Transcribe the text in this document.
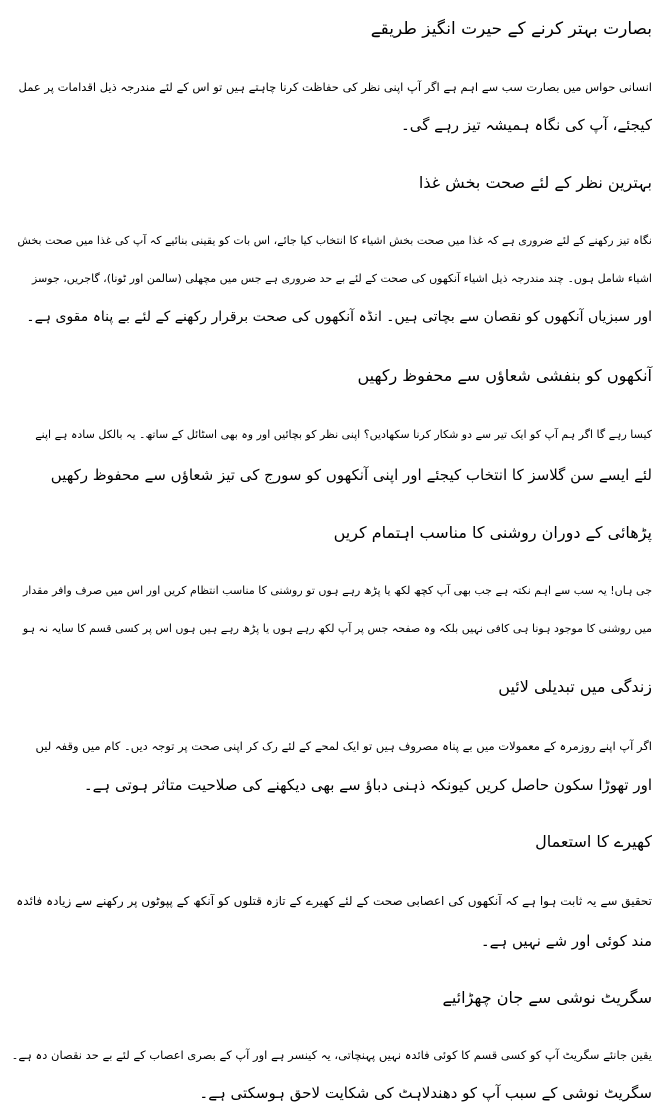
بصارت بہتر کرنے کے حیرت انگیز طریقے

انسانی حواس میں بصارت سب سے اہم ہے اگر آپ اپنی نظر کی حفاظت کرنا چاہتے ہیں تو اس کے لئے مندرجہ ذیل اقدامات پر عمل

کیجئے، آپ کی نگاہ ہمیشہ تیز رہے گی۔

بہترین نظر کے لئے صحت بخش غذا

نگاہ تیز رکھنے کے لئے ضروری ہے کہ غذا میں صحت بخش اشیاء کا انتخاب کیا جائے، اس بات کو یقینی بنائیے کہ آپ کی غذا میں صحت بخش

اشیاء شامل ہوں۔ چند مندرجہ ذیل اشیاء آنکھوں کی صحت کے لئے بے حد ضروری ہے جس میں مچھلی (سالمن اور ٹونا)، گاجریں، جوسز

اور سبزیاں آنکھوں کو نقصان سے بچاتی ہیں۔ انڈہ آنکھوں کی صحت برقرار رکھنے کے لئے بے پناہ مقوی ہے۔

آنکھوں کو بنفشی شعاؤں سے محفوظ رکھیں

کیسا رہے گا اگر ہم آپ کو ایک تیر سے دو شکار کرنا سکھادیں؟ اپنی نظر کو بچائیں اور وہ بھی اسٹائل کے ساتھ۔ یہ بالکل سادہ ہے اپنے

لئے ایسے سن گلاسز کا انتخاب کیجئے اور اپنی آنکھوں کو سورج کی تیز شعاؤں سے محفوظ رکھیں

پڑھائی کے دوران روشنی کا مناسب اہتمام کریں

جی ہاں! یہ سب سے اہم نکتہ ہے جب بھی آپ کچھ لکھ یا پڑھ رہے ہوں تو روشنی کا مناسب انتظام کریں اور اس میں صرف وافر مقدار

میں روشنی کا موجود ہونا ہی کافی نہیں بلکہ وہ صفحہ جس پر آپ لکھ رہے ہوں یا پڑھ رہے ہیں ہوں اس پر کسی قسم کا سایہ نہ ہو

زندگی میں تبدیلی لائیں

اگر آپ اپنے روزمرہ کے معمولات میں بے پناہ مصروف ہیں تو ایک لمحے کے لئے رک کر اپنی صحت پر توجہ دیں۔ کام میں وقفہ لیں

اور تھوڑا سکون حاصل کریں کیونکہ ذہنی دباؤ سے بھی دیکھنے کی صلاحیت متاثر ہوتی ہے۔

کھیرے کا استعمال

تحقیق سے یہ ثابت ہوا ہے کہ آنکھوں کی اعصابی صحت کے لئے کھیرے کے تازہ قتلوں کو آنکھ کے پپوٹوں پر رکھنے سے زیادہ فائدہ

مند کوئی اور شے نہیں ہے۔

سگریٹ نوشی سے جان چھڑائیے

یقین جانئے سگریٹ آپ کو کسی قسم کا کوئی فائدہ نہیں پہنچاتی، یہ کینسر ہے اور آپ کے بصری اعصاب کے لئے بے حد نقصان دہ ہے۔

سگریٹ نوشی کے سبب آپ کو دھندلاہٹ کی شکایت لاحق ہوسکتی ہے۔
